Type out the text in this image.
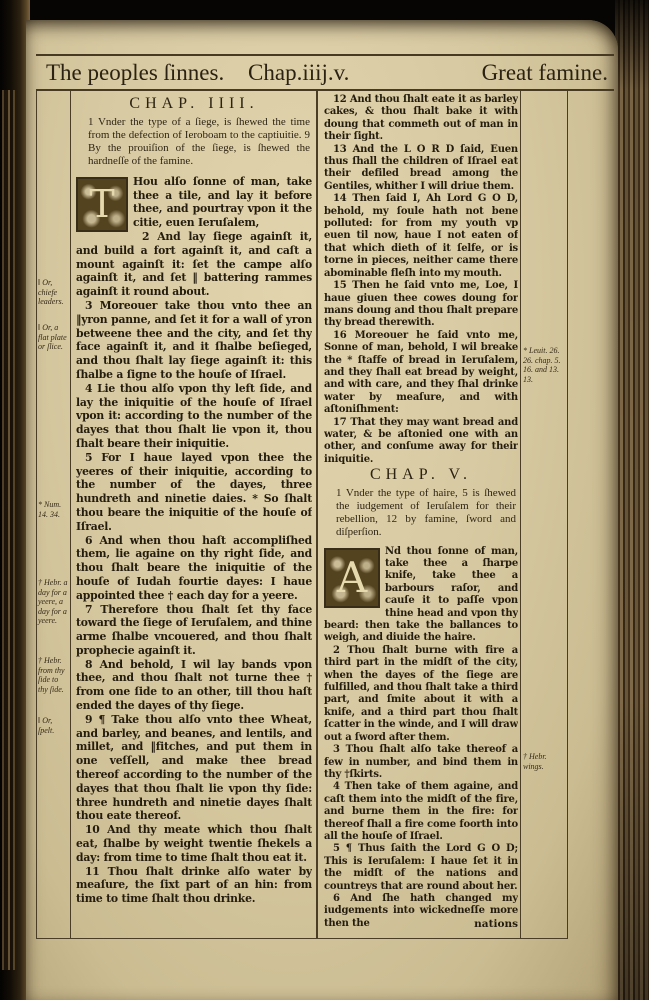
The peoples ſinnes.	Chap.iiij.v.	Great famine.
CHAP. IIII.

1 Vnder the type of a ſiege, is ſhewed the time from the defection of Ieroboam to the captiuitie. 9 By the prouiſion of the ſiege, is ſhewed the hardneſſe of the famine.

T
Hou alſo ſonne of man, take thee a tile, and lay it before thee, and pourtray vpon it the citie, euen Ieruſalem,

2 And lay ſiege againſt it, and build a fort againſt it, and caſt a mount againſt it: ſet the campe alſo againſt it, and ſet ‖ battering rammes againſt it round about.

3 Moreouer take thou vnto thee an ‖yron panne, and ſet it for a wall of yron betweene thee and the city, and ſet thy face againſt it, and it ſhalbe beſieged, and thou ſhalt lay ſiege againſt it: this ſhalbe a ſigne to the houſe of Iſrael.

4 Lie thou alſo vpon thy left ſide, and lay the iniquitie of the houſe of Iſrael vpon it: according to the number of the dayes that thou ſhalt lie vpon it, thou ſhalt beare their iniquitie.

5 For I haue layed vpon thee the yeeres of their iniquitie, according to the number of the dayes, three hundreth and ninetie daies. * So ſhalt thou beare the iniquitie of the houſe of Iſrael.

6 And when thou haſt accompliſhed them, lie againe on thy right ſide, and thou ſhalt beare the iniquitie of the houſe of Iudah fourtie dayes: I haue appointed thee † each day for a yeere.

7 Therefore thou ſhalt ſet thy face toward the ſiege of Ieruſalem, and thine arme ſhalbe vncouered, and thou ſhalt prophecie againſt it.

8 And behold, I wil lay bands vpon thee, and thou ſhalt not turne thee † from one ſide to an other, till thou haſt ended the dayes of thy ſiege.

9 ¶ Take thou alſo vnto thee Wheat, and barley, and beanes, and lentils, and millet, and ‖fitches, and put them in one veſſell, and make thee bread thereof according to the number of the dayes that thou ſhalt lie vpon thy ſide: three hundreth and ninetie dayes ſhalt thou eate thereof.

10 And thy meate which thou ſhalt eat, ſhalbe by weight twentie ſhekels a day: from time to time ſhalt thou eat it.

11 Thou ſhalt drinke alſo water by meaſure, the ſixt part of an hin: from time to time ſhalt thou drinke.

12 And thou ſhalt eate it as barley cakes, & thou ſhalt bake it with doung that commeth out of man in their ſight.

13 And the L O R D ſaid, Euen thus ſhall the children of Iſrael eat their defiled bread among the Gentiles, whither I will driue them.

14 Then ſaid I, Ah Lord G O D, behold, my ſoule hath not bene polluted: for from my youth vp euen til now, haue I not eaten of that which dieth of it ſelfe, or is torne in pieces, neither came there abominable fleſh into my mouth.

15 Then he ſaid vnto me, Loe, I haue giuen thee cowes doung for mans doung and thou ſhalt prepare thy bread therewith.

16 Moreouer he ſaid vnto me, Sonne of man, behold, I wil breake the * ſtaffe of bread in Ieruſalem, and they ſhall eat bread by weight, and with care, and they ſhal drinke water by meaſure, and with aſtoniſhment:

17 That they may want bread and water, & be aſtonied one with an other, and conſume away for their iniquitie.

CHAP. V.

1 Vnder the type of haire, 5 is ſhewed the iudgement of Ieruſalem for their rebellion, 12 by famine, ſword and diſperſion.

A
Nd thou ſonne of man, take thee a ſharpe knife, take thee a barbours raſor, and cauſe it to paſſe vpon thine head and vpon thy beard: then take the ballances to weigh, and diuide the haire.

2 Thou ſhalt burne with fire a third part in the midſt of the city, when the dayes of the ſiege are fulfilled, and thou ſhalt take a third part, and ſmite about it with a knife, and a third part thou ſhalt ſcatter in the winde, and I will draw out a ſword after them.

3 Thou ſhalt alſo take thereof a few in number, and bind them in thy †ſkirts.

4 Then take of them againe, and caſt them into the midſt of the fire, and burne them in the fire: for thereof ſhall a fire come foorth into all the houſe of Iſrael.

5 ¶ Thus ſaith the Lord G O D; This is Ieruſalem: I haue ſet it in the midſt of the nations and countreys that are round about her.

6 And ſhe hath changed my iudgements into wickedneſſe more then the	nations
‖ Or, chiefe leaders.
‖ Or, a flat plate or ſlice.
* Num. 14. 34.
† Hebr. a day for a yeere, a day for a yeere.
† Hebr. from thy ſide to thy ſide.
‖ Or, ſpelt.
* Leuit. 26. 26. chap. 5. 16. and 13. 13.
† Hebr. wings.
